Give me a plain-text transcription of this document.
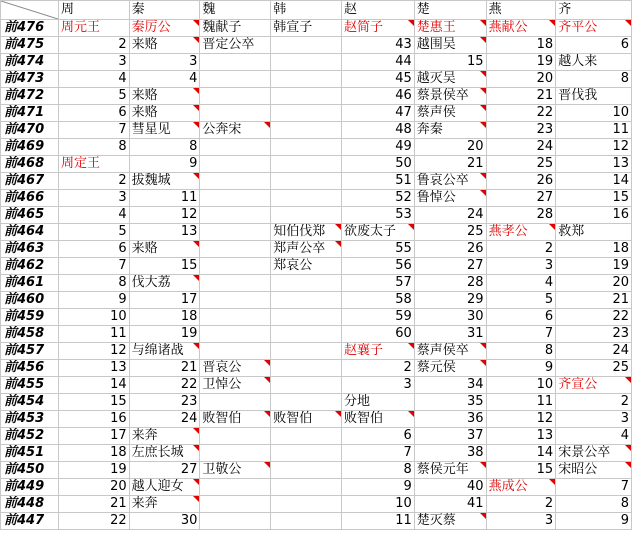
	周	秦	魏	韩	赵	楚	燕	齐
前476	周元王	秦厉公	魏献子	韩宣子	赵简子	楚惠王	燕献公	齐平公
前475	2	来赂	晋定公卒		43	越围吴	18	6
前474	3	3			44	15	19	越人来
前473	4	4			45	越灭吴	20	8
前472	5	来赂			46	蔡景侯卒	21	晋伐我
前471	6	来赂			47	蔡声侯	22	10
前470	7	彗星见	公奔宋		48	奔秦	23	11
前469	8	8			49	20	24	12
前468	周定王	9			50	21	25	13
前467	2	拔魏城			51	鲁哀公卒	26	14
前466	3	11			52	鲁悼公	27	15
前465	4	12			53	24	28	16
前464	5	13		知伯伐郑	欲废太子	25	燕孝公	救郑
前463	6	来赂		郑声公卒	55	26	2	18
前462	7	15		郑哀公	56	27	3	19
前461	8	伐大荔			57	28	4	20
前460	9	17			58	29	5	21
前459	10	18			59	30	6	22
前458	11	19			60	31	7	23
前457	12	与绵诸战			赵襄子	蔡声侯卒	8	24
前456	13	21	晋哀公		2	蔡元侯	9	25
前455	14	22	卫悼公		3	34	10	齐宣公
前454	15	23			分地	35	11	2
前453	16	24	败智伯	败智伯	败智伯	36	12	3
前452	17	来奔			6	37	13	4
前451	18	左庶长城			7	38	14	宋景公卒
前450	19	27	卫敬公		8	蔡侯元年	15	宋昭公
前449	20	越人迎女			9	40	燕成公	7
前448	21	来奔			10	41	2	8
前447	22	30			11	楚灭蔡	3	9
